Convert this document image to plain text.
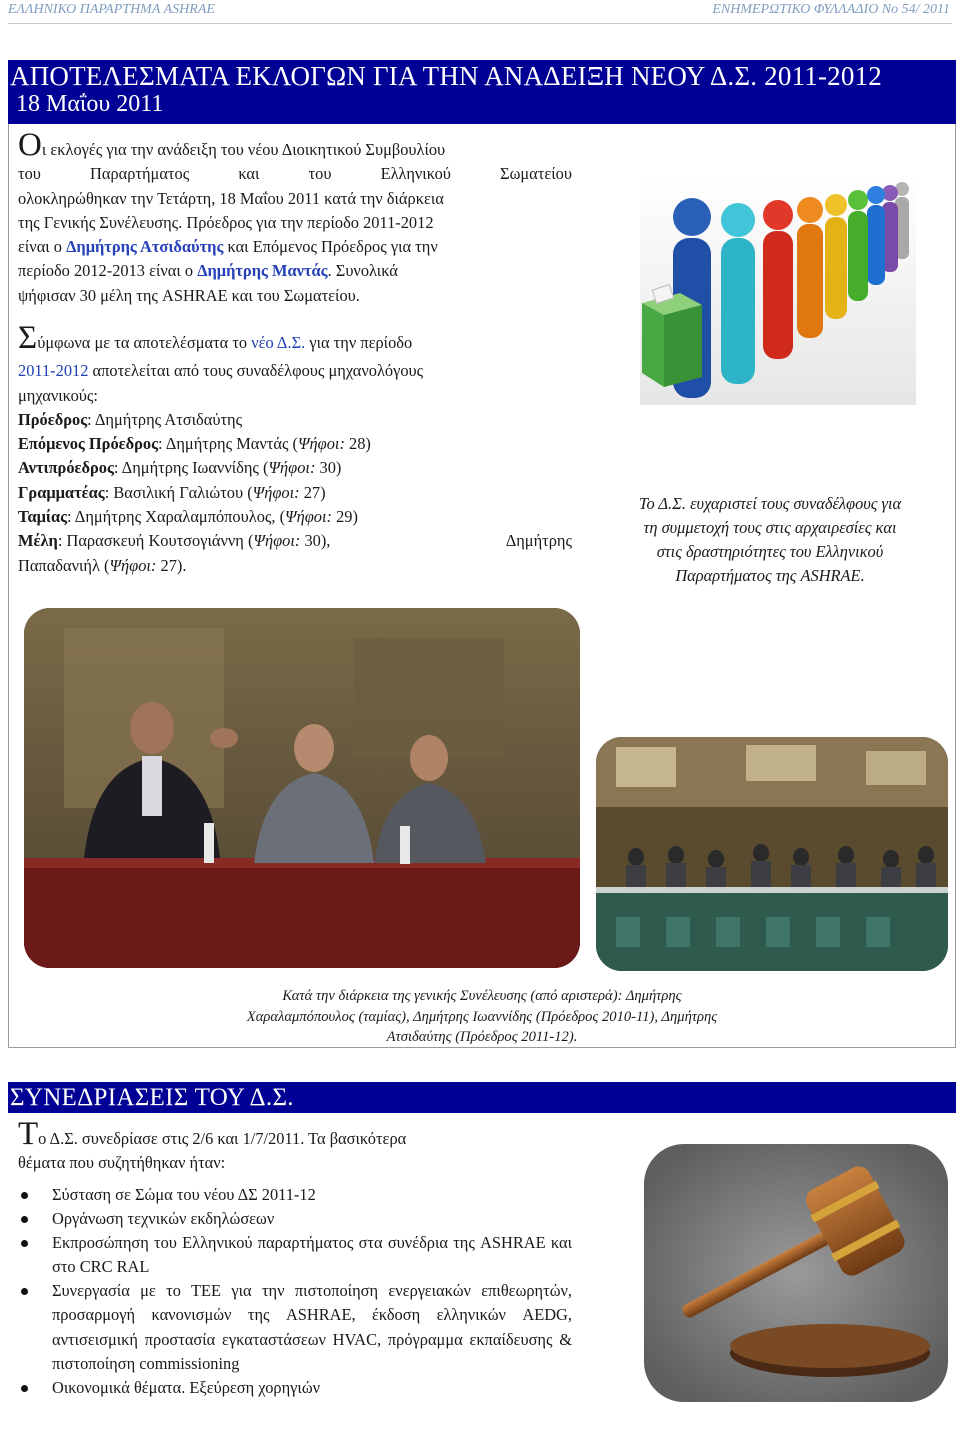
ΕΛΛΗΝΙΚΟ ΠΑΡΑΡΤΗΜΑ ASHRAE	ΕΝΗΜΕΡΩΤΙΚΟ ΦΥΛΛΑΔΙΟ Νο 54/ 2011
ΑΠΟΤΕΛΕΣΜΑΤΑ ΕΚΛΟΓΩΝ ΓΙΑ ΤΗΝ ΑΝΑΔΕΙΞΗ ΝΕΟΥ Δ.Σ. 2011-2012
18 Μαΐου 2011
Οι εκλογές για την ανάδειξη του νέου Διοικητικού Συμβουλίου
του	Παραρτήματος	και	του	Ελληνικού	Σωματείου
ολοκληρώθηκαν την Τετάρτη, 18 Μαΐου 2011 κατά την διάρκεια
της Γενικής Συνέλευσης. Πρόεδρος για την περίοδο 2011-2012
είναι ο Δημήτρης Ατσιδαύτης και Επόμενος Πρόεδρος για την
περίοδο 2012-2013 είναι ο Δημήτρης Μαντάς. Συνολικά
ψήφισαν 30 μέλη της ASHRAE και του Σωματείου.
Σύμφωνα με τα αποτελέσματα το νέο Δ.Σ. για την περίοδο
2011-2012 αποτελείται από τους συναδέλφους μηχανολόγους
μηχανικούς:
Πρόεδρος: Δημήτρης Ατσιδαύτης
Επόμενος Πρόεδρος: Δημήτρης Μαντάς (Ψήφοι: 28)
Αντιπρόεδρος: Δημήτρης Ιωαννίδης (Ψήφοι: 30)
Γραμματέας: Βασιλική Γαλιώτου (Ψήφοι: 27)
Ταμίας: Δημήτρης Χαραλαμπόπουλος, (Ψήφοι: 29)
Μέλη: Παρασκευή Κουτσογιάννη (Ψήφοι: 30),	Δημήτρης
Παπαδανιήλ (Ψήφοι: 27).
Το Δ.Σ. ευχαριστεί τους συναδέλφους για
τη συμμετοχή τους στις αρχαιρεσίες και
στις δραστηριότητες του Ελληνικού
Παραρτήματος της ASHRAE.
Κατά την διάρκεια της γενικής Συνέλευσης (από αριστερά): Δημήτρης
Χαραλαμπόπουλος (ταμίας), Δημήτρης Ιωαννίδης (Πρόεδρος 2010-11), Δημήτρης
Ατσιδαύτης (Πρόεδρος 2011-12).
ΣΥΝΕΔΡΙΑΣΕΙΣ ΤΟΥ Δ.Σ.
Το Δ.Σ. συνεδρίασε στις 2/6 και 1/7/2011. Τα βασικότερα
θέματα που συζητήθηκαν ήταν:
Σύσταση σε Σώμα του νέου ΔΣ 2011-12
Οργάνωση τεχνικών εκδηλώσεων
Εκπροσώπηση του Ελληνικού παραρτήματος στα συνέδρια της ASHRAE και στο CRC RAL
Συνεργασία με το ΤΕΕ για την πιστοποίηση ενεργειακών επιθεωρητών, προσαρμογή κανονισμών της ASHRAE, έκδοση ελληνικών AEDG, αντισεισμική προστασία εγκαταστάσεων HVAC, πρόγραμμα εκπαίδευσης & πιστοποίηση commissioning
Οικονομικά θέματα. Εξεύρεση χορηγιών
